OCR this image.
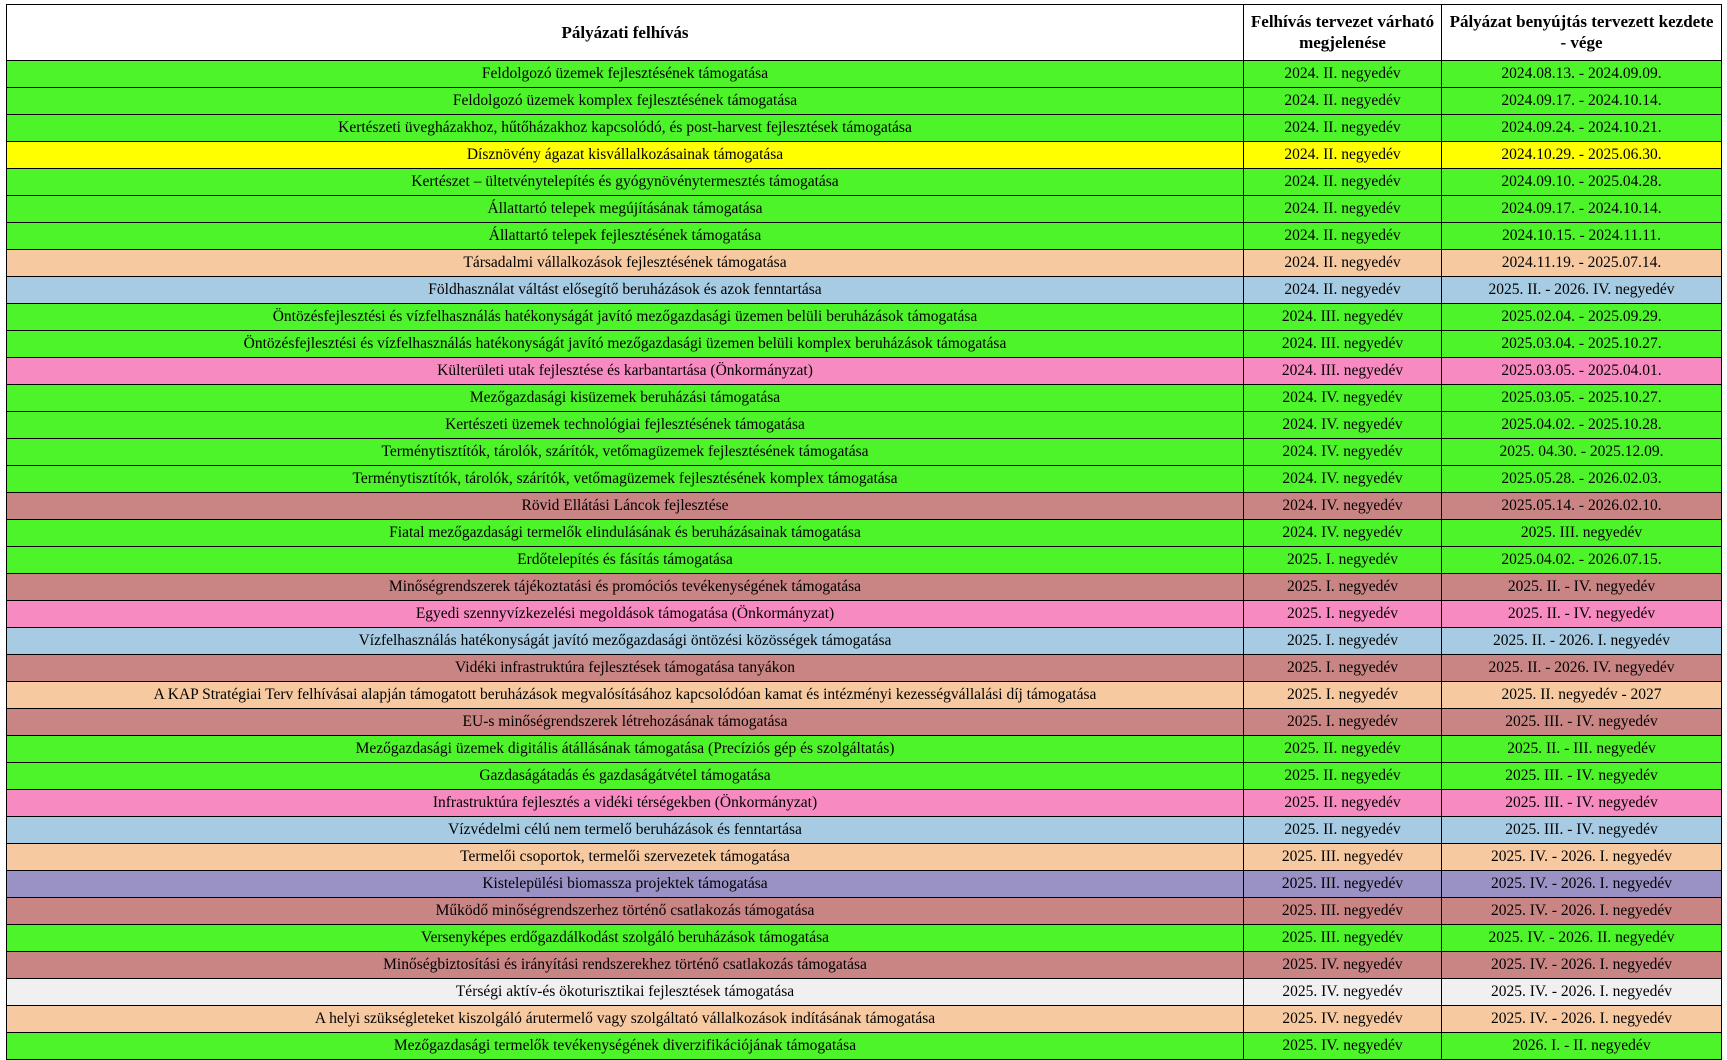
Pályázati felhívás	Felhívás tervezet várható megjelenése	Pályázat benyújtás tervezett kezdete - vége
Feldolgozó üzemek fejlesztésének támogatása	2024. II. negyedév	2024.08.13. - 2024.09.09.
Feldolgozó üzemek komplex fejlesztésének támogatása	2024. II. negyedév	2024.09.17. - 2024.10.14.
Kertészeti üvegházakhoz, hűtőházakhoz kapcsolódó, és post-harvest fejlesztések támogatása	2024. II. negyedév	2024.09.24. - 2024.10.21.
Dísznövény ágazat kisvállalkozásainak támogatása	2024. II. negyedév	2024.10.29. - 2025.06.30.
Kertészet – ültetvénytelepítés és gyógynövénytermesztés támogatása	2024. II. negyedév	2024.09.10. - 2025.04.28.
Állattartó telepek megújításának támogatása	2024. II. negyedév	2024.09.17. - 2024.10.14.
Állattartó telepek fejlesztésének támogatása	2024. II. negyedév	2024.10.15. - 2024.11.11.
Társadalmi vállalkozások fejlesztésének támogatása	2024. II. negyedév	2024.11.19. - 2025.07.14.
Földhasználat váltást elősegítő beruházások és azok fenntartása	2024. II. negyedév	2025. II. - 2026. IV. negyedév
Öntözésfejlesztési és vízfelhasználás hatékonyságát javító mezőgazdasági üzemen belüli beruházások támogatása	2024. III. negyedév	2025.02.04. - 2025.09.29.
Öntözésfejlesztési és vízfelhasználás hatékonyságát javító mezőgazdasági üzemen belüli komplex beruházások támogatása	2024. III. negyedév	2025.03.04. - 2025.10.27.
Külterületi utak fejlesztése és karbantartása (Önkormányzat)	2024. III. negyedév	2025.03.05. - 2025.04.01.
Mezőgazdasági kisüzemek beruházási támogatása	2024. IV. negyedév	2025.03.05. - 2025.10.27.
Kertészeti üzemek technológiai fejlesztésének támogatása	2024. IV. negyedév	2025.04.02. - 2025.10.28.
Terménytisztítók, tárolók, szárítók, vetőmagüzemek fejlesztésének támogatása	2024. IV. negyedév	2025. 04.30. - 2025.12.09.
Terménytisztítók, tárolók, szárítók, vetőmagüzemek fejlesztésének komplex támogatása	2024. IV. negyedév	2025.05.28. - 2026.02.03.
Rövid Ellátási Láncok fejlesztése	2024. IV. negyedév	2025.05.14. - 2026.02.10.
Fiatal mezőgazdasági termelők elindulásának és beruházásainak támogatása	2024. IV. negyedév	2025. III. negyedév
Erdőtelepítés és fásítás támogatása	2025. I. negyedév	2025.04.02. - 2026.07.15.
Minőségrendszerek tájékoztatási és promóciós tevékenységének támogatása	2025. I. negyedév	2025. II. - IV. negyedév
Egyedi szennyvízkezelési megoldások támogatása (Önkormányzat)	2025. I. negyedév	2025. II. - IV. negyedév
Vízfelhasználás hatékonyságát javító mezőgazdasági öntözési közösségek támogatása	2025. I. negyedév	2025. II. - 2026. I. negyedév
Vidéki infrastruktúra fejlesztések támogatása tanyákon	2025. I. negyedév	2025. II. - 2026. IV. negyedév
A KAP Stratégiai Terv felhívásai alapján támogatott beruházások megvalósításához kapcsolódóan kamat és intézményi kezességvállalási díj támogatása	2025. I. negyedév	2025. II. negyedév - 2027
EU-s minőségrendszerek létrehozásának támogatása	2025. I. negyedév	2025. III. - IV. negyedév
Mezőgazdasági üzemek digitális átállásának támogatása (Precíziós gép és szolgáltatás)	2025. II. negyedév	2025. II. - III. negyedév
Gazdaságátadás és gazdaságátvétel támogatása	2025. II. negyedév	2025. III. - IV. negyedév
Infrastruktúra fejlesztés a vidéki térségekben (Önkormányzat)	2025. II. negyedév	2025. III. - IV. negyedév
Vízvédelmi célú nem termelő beruházások és fenntartása	2025. II. negyedév	2025. III. - IV. negyedév
Termelői csoportok, termelői szervezetek támogatása	2025. III. negyedév	2025. IV. - 2026. I. negyedév
Kistelepülési biomassza projektek támogatása	2025. III. negyedév	2025. IV. - 2026. I. negyedév
Működő minőségrendszerhez történő csatlakozás támogatása	2025. III. negyedév	2025. IV. - 2026. I. negyedév
Versenyképes erdőgazdálkodást szolgáló beruházások támogatása	2025. III. negyedév	2025. IV. - 2026. II. negyedév
Minőségbiztosítási és irányítási rendszerekhez történő csatlakozás támogatása	2025. IV. negyedév	2025. IV. - 2026. I. negyedév
Térségi aktív-és ökoturisztikai fejlesztések támogatása	2025. IV. negyedév	2025. IV. - 2026. I. negyedév
A helyi szükségleteket kiszolgáló árutermelő vagy szolgáltató vállalkozások indításának támogatása	2025. IV. negyedév	2025. IV. - 2026. I. negyedév
Mezőgazdasági termelők tevékenységének diverzifikációjának támogatása	2025. IV. negyedév	2026. I. - II. negyedév
